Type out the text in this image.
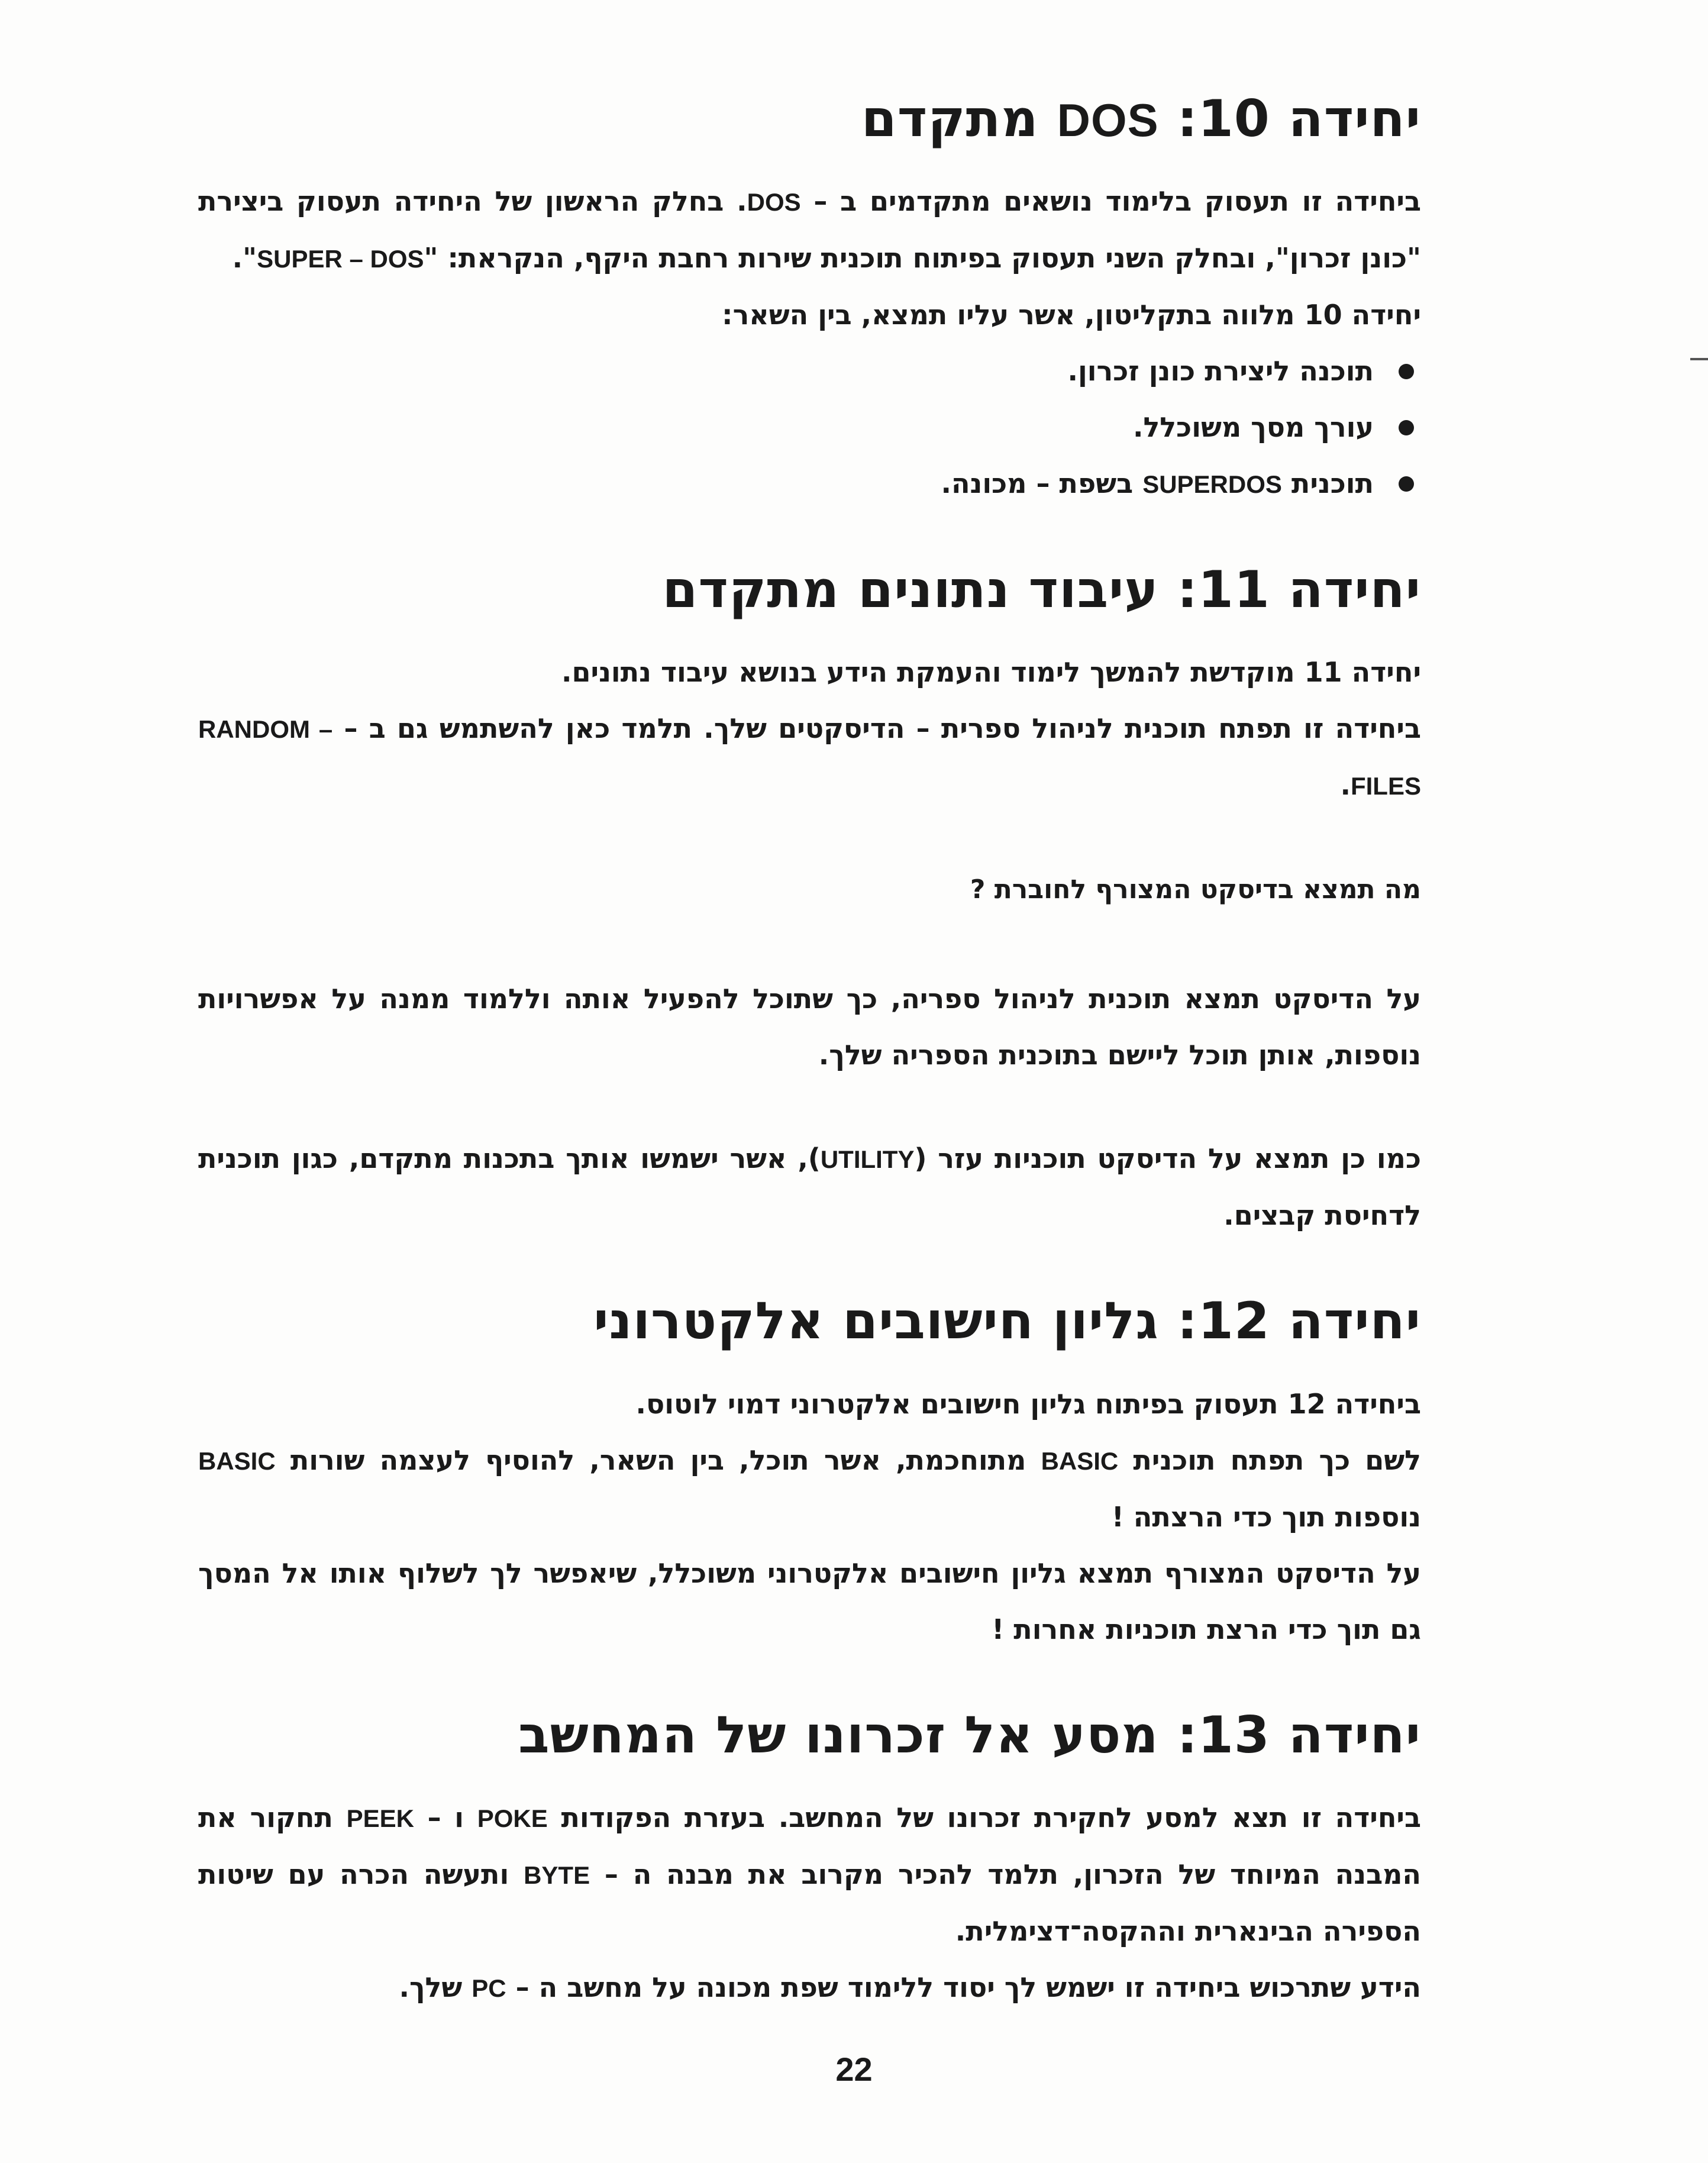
יחידה 10: DOS מתקדם

ביחידה זו תעסוק בלימוד נושאים מתקדמים ב – DOS. בחלק הראשון של היחידה תעסוק ביצירת "כונן זכרון", ובחלק השני תעסוק בפיתוח תוכנית שירות רחבת היקף, הנקראת: "SUPER – DOS".

יחידה 10 מלווה בתקליטון, אשר עליו תמצא, בין השאר:

תוכנה ליצירת כונן זכרון.
עורך מסך משוכלל.
תוכנית SUPERDOS בשפת – מכונה.
יחידה 11: עיבוד נתונים מתקדם

יחידה 11 מוקדשת להמשך לימוד והעמקת הידע בנושא עיבוד נתונים.

ביחידה זו תפתח תוכנית לניהול ספרית – הדיסקטים שלך. תלמד כאן להשתמש גם ב – RANDOM – FILES.

מה תמצא בדיסקט המצורף לחוברת ?

על הדיסקט תמצא תוכנית לניהול ספריה, כך שתוכל להפעיל אותה וללמוד ממנה על אפשרויות נוספות, אותן תוכל ליישם בתוכנית הספריה שלך.

כמו כן תמצא על הדיסקט תוכניות עזר (UTILITY), אשר ישמשו אותך בתכנות מתקדם, כגון תוכנית לדחיסת קבצים.

יחידה 12: גליון חישובים אלקטרוני

ביחידה 12 תעסוק בפיתוח גליון חישובים אלקטרוני דמוי לוטוס.

לשם כך תפתח תוכנית BASIC מתוחכמת, אשר תוכל, בין השאר, להוסיף לעצמה שורות BASIC נוספות תוך כדי הרצתה !

על הדיסקט המצורף תמצא גליון חישובים אלקטרוני משוכלל, שיאפשר לך לשלוף אותו אל המסך גם תוך כדי הרצת תוכניות אחרות !

יחידה 13: מסע אל זכרונו של המחשב

ביחידה זו תצא למסע לחקירת זכרונו של המחשב. בעזרת הפקודות POKE ו – PEEK תחקור את המבנה המיוחד של הזכרון, תלמד להכיר מקרוב את מבנה ה – BYTE ותעשה הכרה עם שיטות הספירה הבינארית וההקסה־דצימלית.

הידע שתרכוש ביחידה זו ישמש לך יסוד ללימוד שפת מכונה על מחשב ה – PC שלך.

22
